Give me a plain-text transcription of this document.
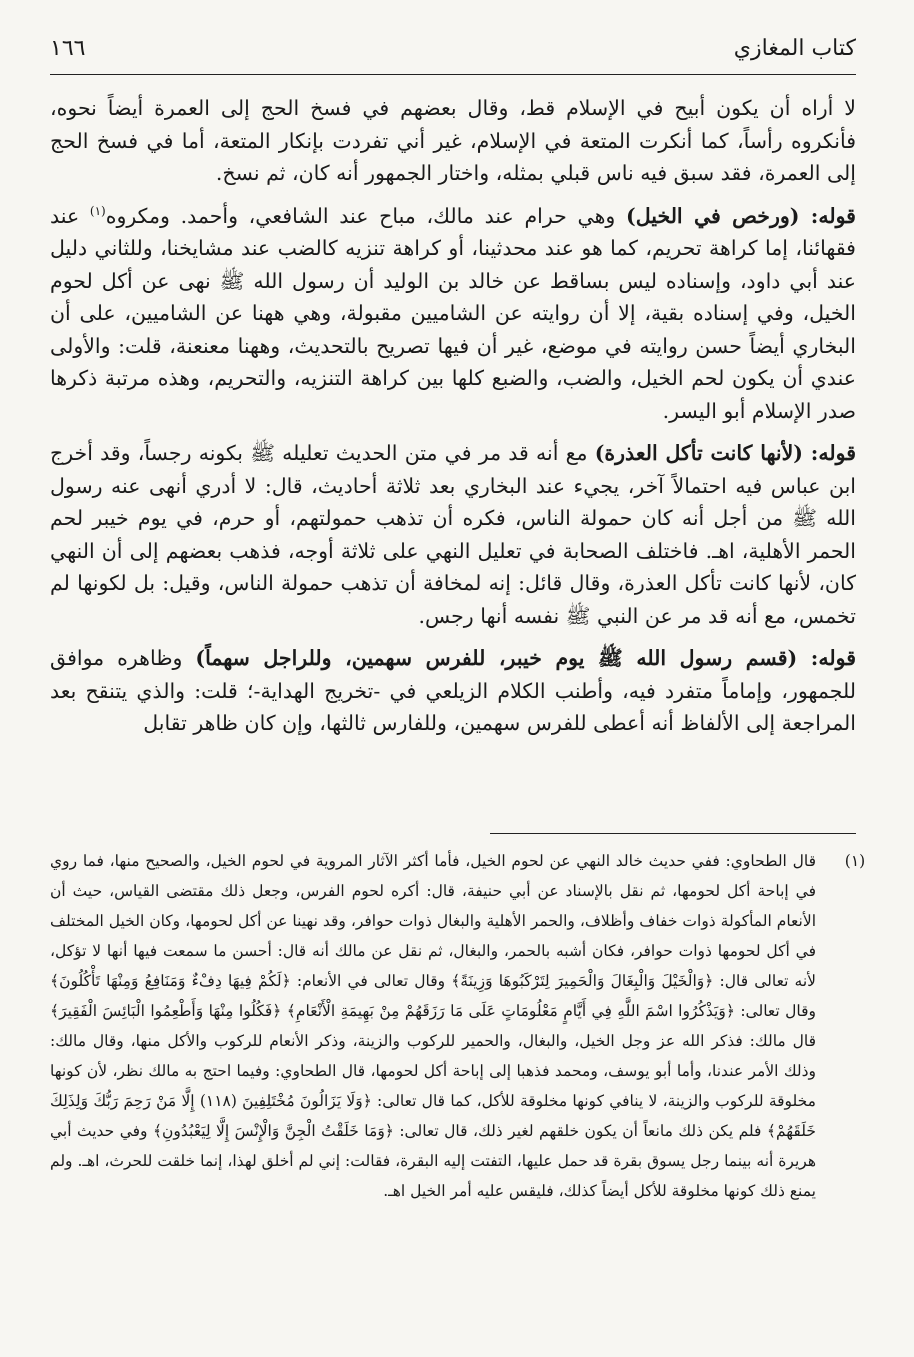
كتاب المغازي
١٦٦

لا أراه أن يكون أبيح في الإسلام قط، وقال بعضهم في فسخ الحج إلى العمرة أيضاً نحوه، فأنكروه رأساً، كما أنكرت المتعة في الإسلام، غير أني تفردت بإنكار المتعة، أما في فسخ الحج إلى العمرة، فقد سبق فيه ناس قبلي بمثله، واختار الجمهور أنه كان، ثم نسخ.

قوله: (ورخص في الخيل) وهي حرام عند مالك، مباح عند الشافعي، وأحمد. ومكروه$^{(١)}$ عند فقهائنا، إما كراهة تحريم، كما هو عند محدثينا، أو كراهة تنزيه كالضب عند مشايخنا، وللثاني دليل عند أبي داود، وإسناده ليس بساقط عن خالد بن الوليد أن رسول الله ﷺ نهى عن أكل لحوم الخيل، وفي إسناده بقية، إلا أن روايته عن الشاميين مقبولة، وهي ههنا عن الشاميين، على أن البخاري أيضاً حسن روايته في موضع، غير أن فيها تصريح بالتحديث، وههنا معنعنة، قلت: والأولى عندي أن يكون لحم الخيل، والضب، والضبع كلها بين كراهة التنزيه، والتحريم، وهذه مرتبة ذكرها صدر الإسلام أبو اليسر.

قوله: (لأنها كانت تأكل العذرة) مع أنه قد مر في متن الحديث تعليله ﷺ بكونه رجساً، وقد أخرج ابن عباس فيه احتمالاً آخر، يجيء عند البخاري بعد ثلاثة أحاديث، قال: لا أدري أنهى عنه رسول الله ﷺ من أجل أنه كان حمولة الناس، فكره أن تذهب حمولتهم، أو حرم، في يوم خيبر لحم الحمر الأهلية، اهـ. فاختلف الصحابة في تعليل النهي على ثلاثة أوجه، فذهب بعضهم إلى أن النهي كان، لأنها كانت تأكل العذرة، وقال قائل: إنه لمخافة أن تذهب حمولة الناس، وقيل: بل لكونها لم تخمس، مع أنه قد مر عن النبي ﷺ نفسه أنها رجس.

قوله: (قسم رسول الله ﷺ يوم خيبر، للفرس سهمين، وللراجل سهماً) وظاهره موافق للجمهور، وإماماً متفرد فيه، وأطنب الكلام الزيلعي في -تخريج الهداية-؛ قلت: والذي يتنقح بعد المراجعة إلى الألفاظ أنه أعطى للفرس سهمين، وللفارس ثالثها، وإن كان ظاهر تقابل

(١)
قال الطحاوي: ففي حديث خالد النهي عن لحوم الخيل، فأما أكثر الآثار المروية في لحوم الخيل، والصحيح منها، فما روي في إباحة أكل لحومها، ثم نقل بالإسناد عن أبي حنيفة، قال: أكره لحوم الفرس، وجعل ذلك مقتضى القياس، حيث أن الأنعام المأكولة ذوات خفاف وأظلاف، والحمر الأهلية والبغال ذوات حوافر، وقد نهينا عن أكل لحومها، وكان الخيل المختلف في أكل لحومها ذوات حوافر، فكان أشبه بالحمر، والبغال، ثم نقل عن مالك أنه قال: أحسن ما سمعت فيها أنها لا تؤكل، لأنه تعالى قال: ﴿وَالْخَيْلَ وَالْبِغَالَ وَالْحَمِيرَ لِتَرْكَبُوهَا وَزِينَةً﴾ وقال تعالى في الأنعام: ﴿لَكُمْ فِيهَا دِفْءٌ وَمَنَافِعُ وَمِنْهَا تَأْكُلُونَ﴾ وقال تعالى: ﴿وَيَذْكُرُوا اسْمَ اللَّهِ فِي أَيَّامٍ مَعْلُومَاتٍ عَلَى مَا رَزَقَهُمْ مِنْ بَهِيمَةِ الْأَنْعَامِ﴾ ﴿فَكُلُوا مِنْهَا وَأَطْعِمُوا الْبَائِسَ الْفَقِيرَ﴾ قال مالك: فذكر الله عز وجل الخيل، والبغال، والحمير للركوب والزينة، وذكر الأنعام للركوب والأكل منها، وقال مالك: وذلك الأمر عندنا، وأما أبو يوسف، ومحمد فذهبا إلى إباحة أكل لحومها، قال الطحاوي: وفيما احتج به مالك نظر، لأن كونها مخلوقة للركوب والزينة، لا ينافي كونها مخلوقة للأكل، كما قال تعالى: ﴿وَلَا يَزَالُونَ مُخْتَلِفِينَ (١١٨) إِلَّا مَنْ رَحِمَ رَبُّكَ وَلِذَلِكَ خَلَقَهُمْ﴾ فلم يكن ذلك مانعاً أن يكون خلقهم لغير ذلك، قال تعالى: ﴿وَمَا خَلَقْتُ الْجِنَّ وَالْإِنْسَ إِلَّا لِيَعْبُدُونِ﴾ وفي حديث أبي هريرة أنه بينما رجل يسوق بقرة قد حمل عليها، التفتت إليه البقرة، فقالت: إني لم أخلق لهذا، إنما خلقت للحرث، اهـ. ولم يمنع ذلك كونها مخلوقة للأكل أيضاً كذلك، فليقس عليه أمر الخيل اهـ.
